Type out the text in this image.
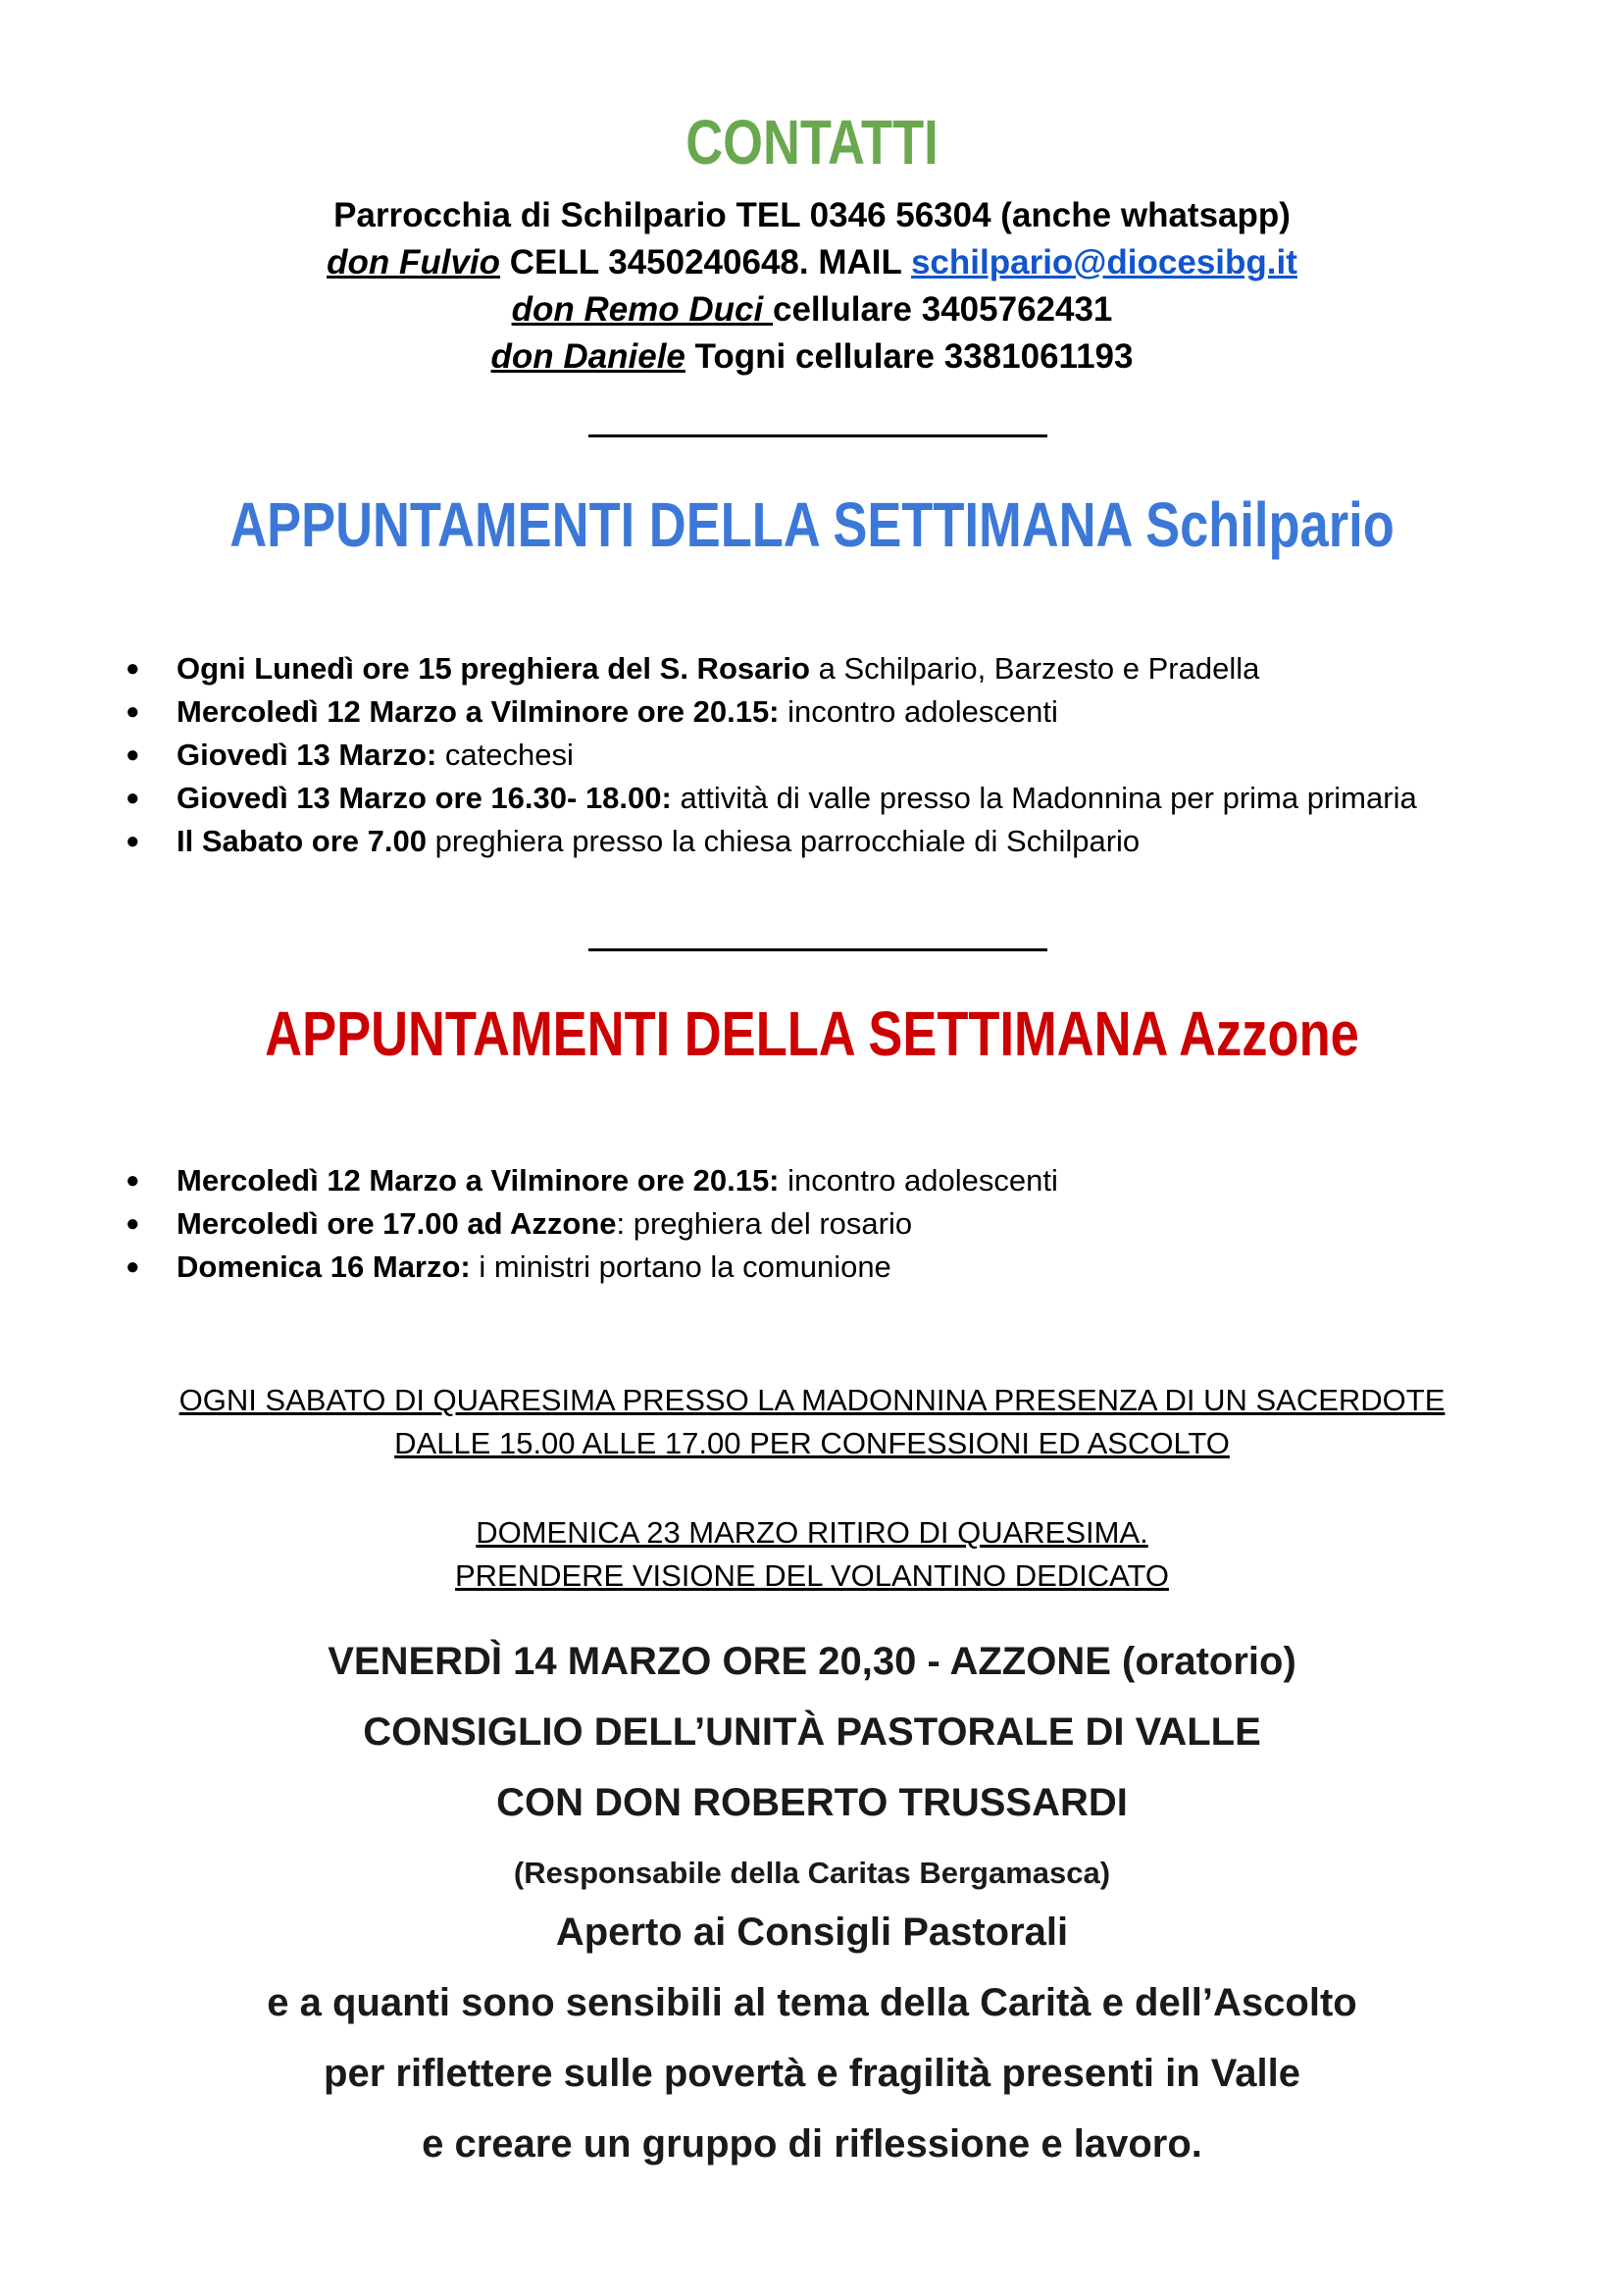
CONTATTI
Parrocchia di Schilpario TEL 0346 56304 (anche whatsapp)
don Fulvio CELL 3450240648. MAIL schilpario@diocesibg.it
don Remo Duci cellulare 3405762431
don Daniele Togni cellulare 3381061193
APPUNTAMENTI DELLA SETTIMANA Schilpario
● Ogni Lunedì ore 15 preghiera del S. Rosario a Schilpario, Barzesto e Pradella
● Mercoledì 12 Marzo a Vilminore ore 20.15: incontro adolescenti
● Giovedì 13 Marzo: catechesi
● Giovedì 13 Marzo ore 16.30- 18.00: attività di valle presso la Madonnina per prima primaria
● Il Sabato ore 7.00 preghiera presso la chiesa parrocchiale di Schilpario
APPUNTAMENTI DELLA SETTIMANA Azzone
● Mercoledì 12 Marzo a Vilminore ore 20.15: incontro adolescenti
● Mercoledì ore 17.00 ad Azzone: preghiera del rosario
● Domenica 16 Marzo: i ministri portano la comunione
OGNI SABATO DI QUARESIMA PRESSO LA MADONNINA PRESENZA DI UN SACERDOTE
DALLE 15.00 ALLE 17.00 PER CONFESSIONI ED ASCOLTO
DOMENICA 23 MARZO RITIRO DI QUARESIMA.
PRENDERE VISIONE DEL VOLANTINO DEDICATO
VENERDÌ 14 MARZO ORE 20,30 - AZZONE (oratorio)
CONSIGLIO DELL’UNITÀ PASTORALE DI VALLE
CON DON ROBERTO TRUSSARDI
(Responsabile della Caritas Bergamasca)
Aperto ai Consigli Pastorali
e a quanti sono sensibili al tema della Carità e dell’Ascolto
per riflettere sulle povertà e fragilità presenti in Valle
e creare un gruppo di riflessione e lavoro.
